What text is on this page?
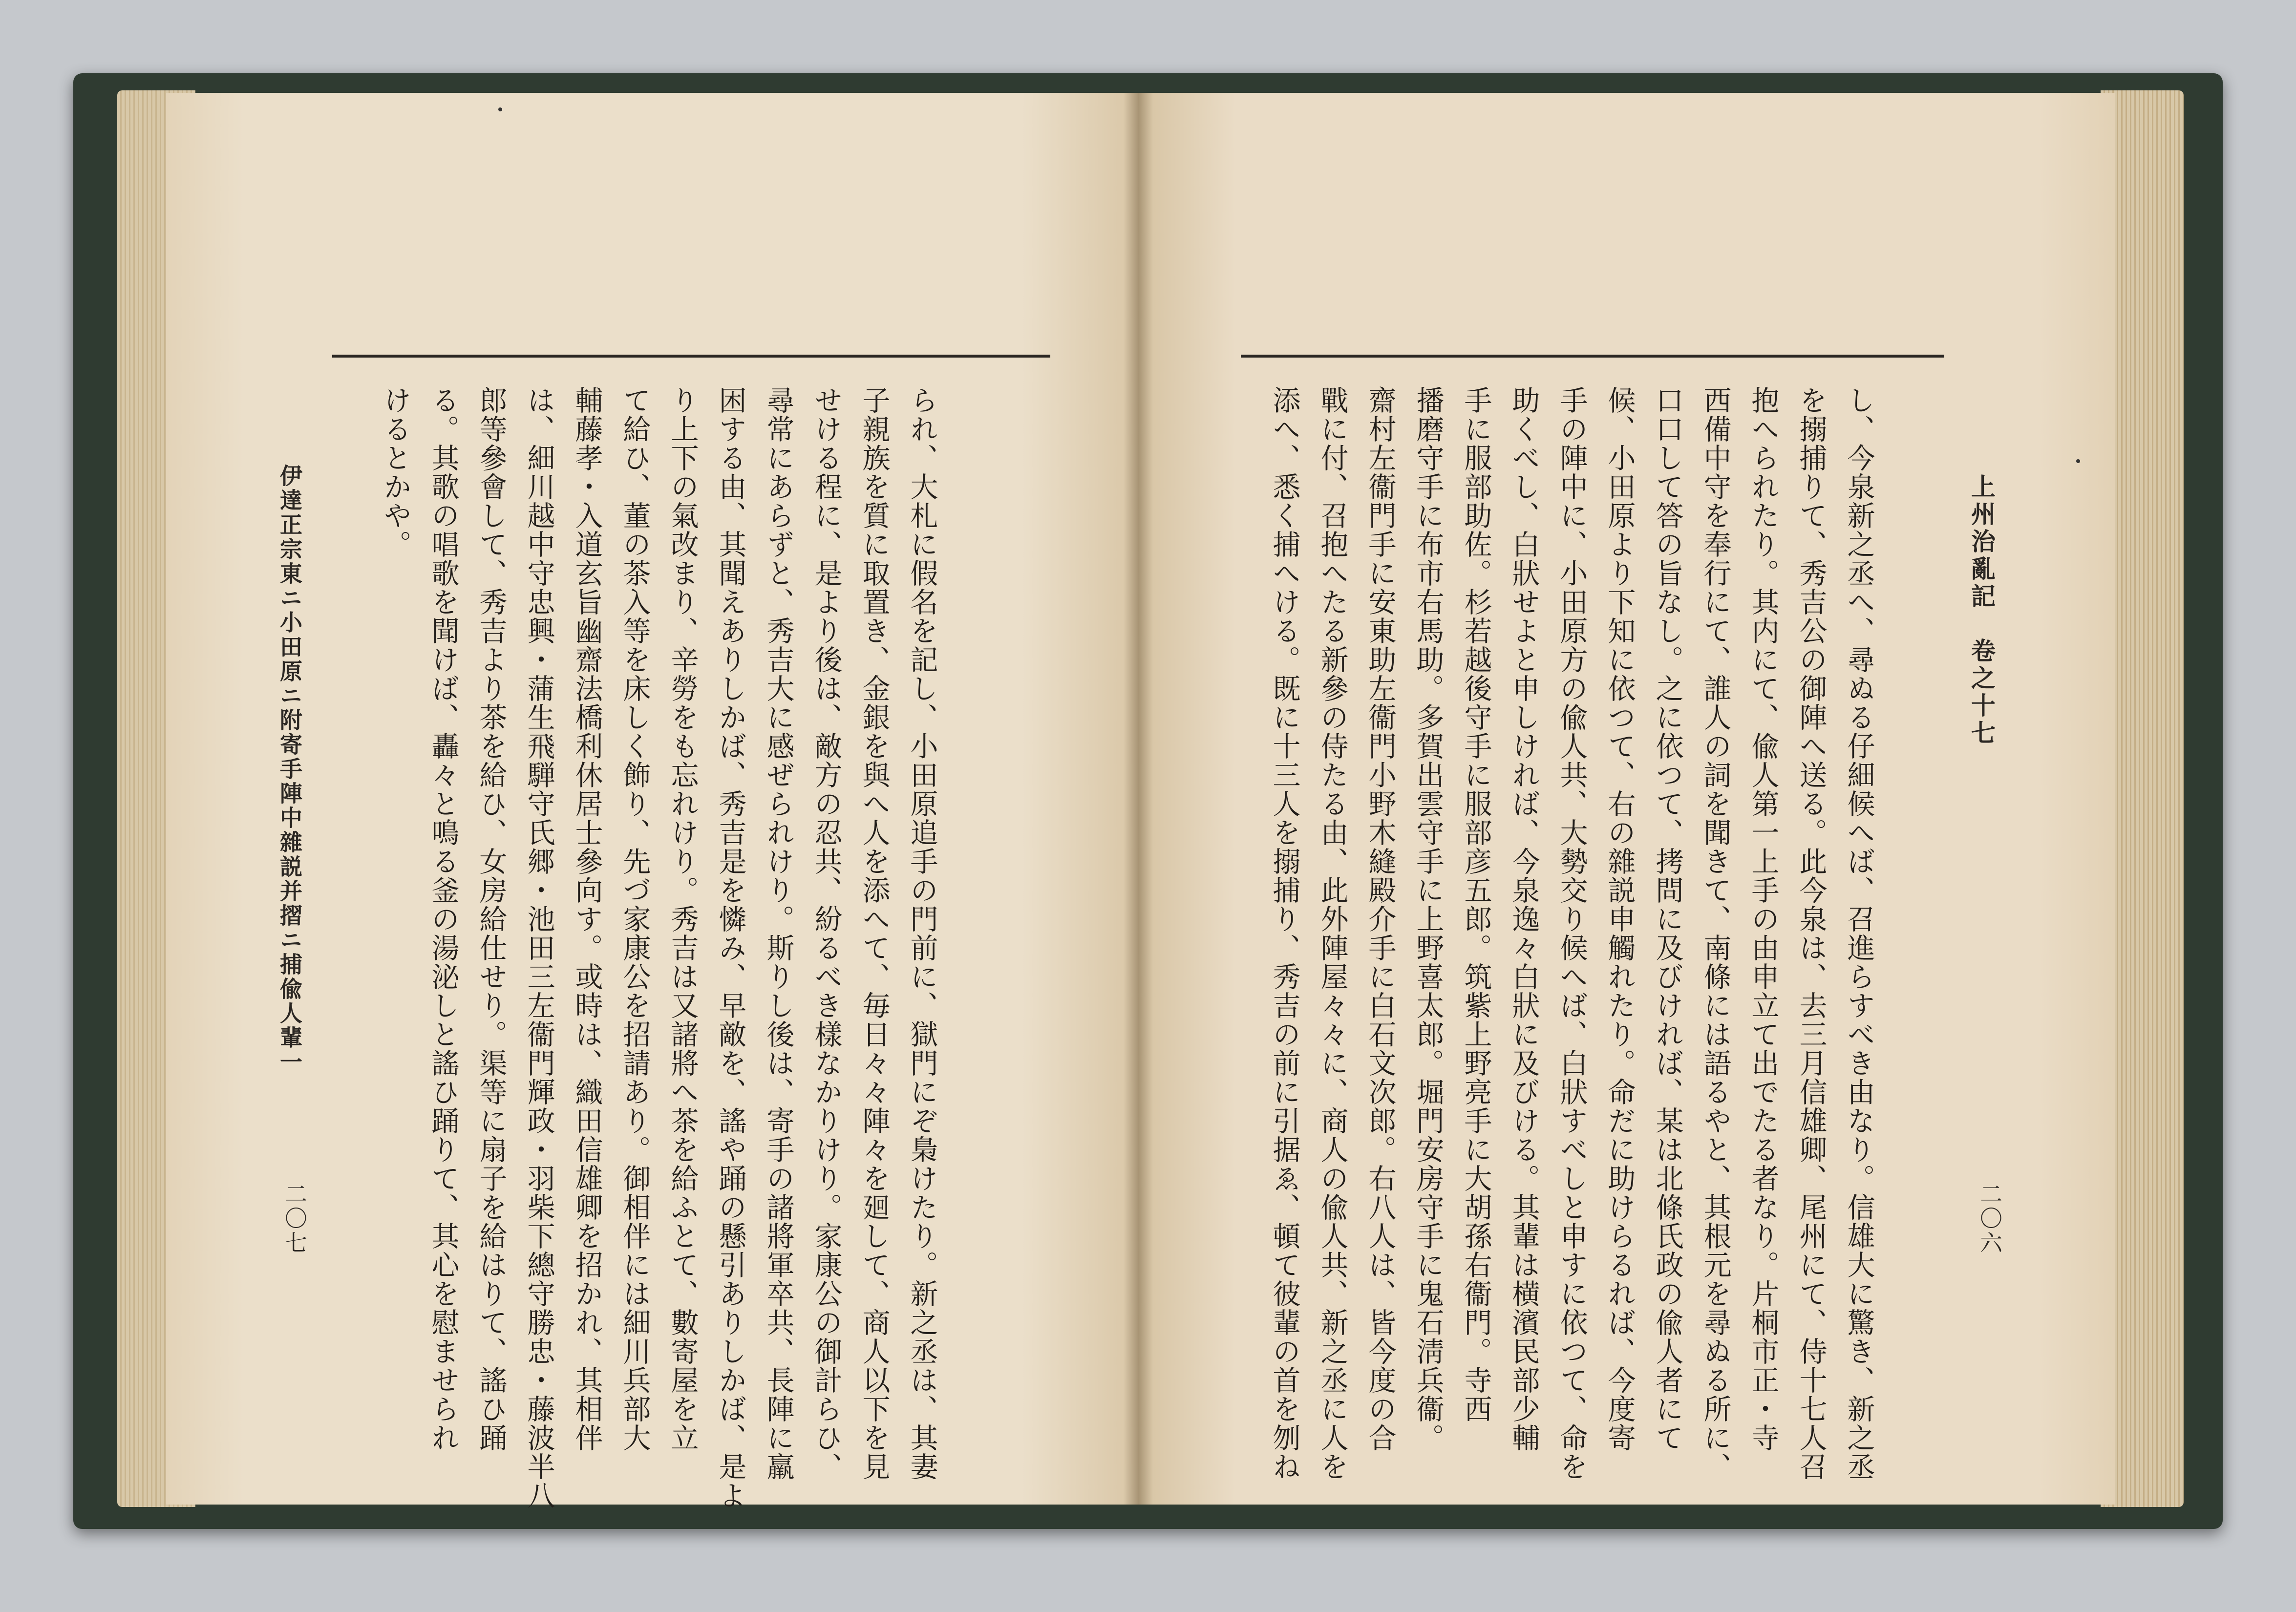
上州治亂記　卷之十七
二〇六
伊達正宗東ニ小田原ニ附寄手陣中雜説并摺ニ捕偸人輩一
二〇七	し、今泉新之丞へ、尋ぬる仔細候へば、召進らすべき由なり。信雄大に驚き、新之丞

を搦捕りて、秀吉公の御陣へ送る。此今泉は、去三月信雄卿、尾州にて、侍十七人召

抱へられたり。其内にて、偸人第一上手の由申立て出でたる者なり。片桐市正・寺

西備中守を奉行にて、誰人の詞を聞きて、南條には語るやと、其根元を尋ぬる所に、

口口して答の旨なし。之に依つて、拷問に及びければ、某は北條氏政の偸人者にて

候、小田原より下知に依つて、右の雜説申觸れたり。命だに助けらるれば、今度寄

手の陣中に、小田原方の偸人共、大勢交り候へば、白狀すべしと申すに依つて、命を

助くべし、白狀せよと申しければ、今泉逸々白狀に及びける。其輩は横濱民部少輔

手に服部助佐。杉若越後守手に服部彦五郎。筑紫上野亮手に大胡孫右衞門。寺西

播磨守手に布市右馬助。多賀出雲守手に上野喜太郎。堀門安房守手に鬼石淸兵衞。

齋村左衞門手に安東助左衞門小野木縫殿介手に白石文次郎。右八人は、皆今度の合

戰に付、召抱へたる新參の侍たる由、此外陣屋々々に、商人の偸人共、新之丞に人を

添へ、悉く捕へける。既に十三人を搦捕り、秀吉の前に引据ゑ、頓て彼輩の首を刎ね

られ、大札に假名を記し、小田原追手の門前に、獄門にぞ梟けたり。新之丞は、其妻

子親族を質に取置き、金銀を與へ人を添へて、毎日々々陣々を廻して、商人以下を見

せける程に、是より後は、敵方の忍共、紛るべき樣なかりけり。家康公の御計らひ、

尋常にあらずと、秀吉大に感ぜられけり。斯りし後は、寄手の諸將軍卒共、長陣に羸

困する由、其聞えありしかば、秀吉是を憐み、早敵を、謠や踊の懸引ありしかば、是よ

り上下の氣改まり、辛勞をも忘れけり。秀吉は又諸將へ茶を給ふとて、數寄屋を立

て給ひ、董の茶入等を床しく飾り、先づ家康公を招請あり。御相伴には細川兵部大

輔藤孝・入道玄旨幽齋法橋利休居士參向す。或時は、織田信雄卿を招かれ、其相伴

は、細川越中守忠興・蒲生飛騨守氏郷・池田三左衞門輝政・羽柴下總守勝忠・藤波半八

郎等參會して、秀吉より茶を給ひ、女房給仕せり。渠等に扇子を給はりて、謠ひ踊

る。其歌の唱歌を聞けば、轟々と鳴る釜の湯泌しと謠ひ踊りて、其心を慰ませられ

けるとかや。
